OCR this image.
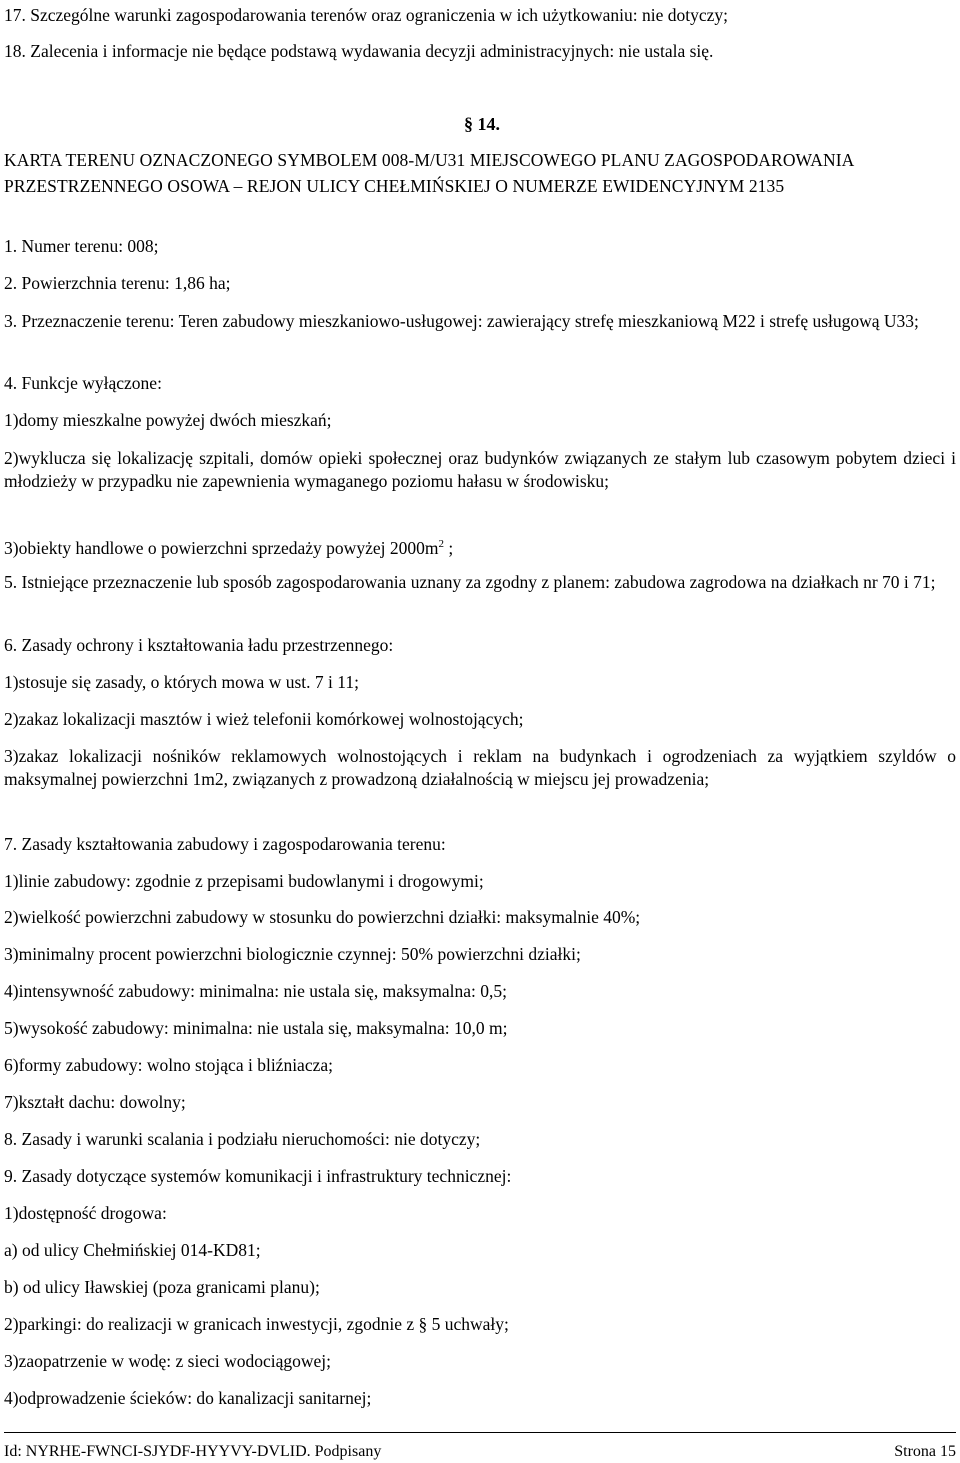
17. Szczególne warunki zagospodarowania terenów oraz ograniczenia w ich użytkowaniu: nie dotyczy;
18. Zalecenia i informacje nie będące podstawą wydawania decyzji administracyjnych: nie ustala się.
§ 14.
KARTA TERENU OZNACZONEGO SYMBOLEM 008-M/U31 MIEJSCOWEGO PLANU ZAGOSPODAROWANIA PRZESTRZENNEGO OSOWA – REJON ULICY CHEŁMIŃSKIEJ O NUMERZE EWIDENCYJNYM 2135
1. Numer terenu: 008;
2. Powierzchnia terenu: 1,86 ha;
3. Przeznaczenie terenu: Teren zabudowy mieszkaniowo-usługowej: zawierający strefę mieszkaniową M22 i strefę usługową U33;
4. Funkcje wyłączone:
1)domy mieszkalne powyżej dwóch mieszkań;
2)wyklucza się lokalizację szpitali, domów opieki społecznej oraz budynków związanych ze stałym lub czasowym pobytem dzieci i młodzieży w przypadku nie zapewnienia wymaganego poziomu hałasu w środowisku;
3)obiekty handlowe o powierzchni sprzedaży powyżej $2000m^2$ ;
5. Istniejące przeznaczenie lub sposób zagospodarowania uznany za zgodny z planem: zabudowa zagrodowa na działkach nr 70 i 71;
6. Zasady ochrony i kształtowania ładu przestrzennego:
1)stosuje się zasady, o których mowa w ust. 7 i 11;
2)zakaz lokalizacji masztów i wież telefonii komórkowej wolnostojących;
3)zakaz lokalizacji nośników reklamowych wolnostojących i reklam na budynkach i ogrodzeniach za wyjątkiem szyldów o maksymalnej powierzchni 1m2, związanych z prowadzoną działalnością w miejscu jej prowadzenia;
7. Zasady kształtowania zabudowy i zagospodarowania terenu:
1)linie zabudowy: zgodnie z przepisami budowlanymi i drogowymi;
2)wielkość powierzchni zabudowy w stosunku do powierzchni działki: maksymalnie 40%;
3)minimalny procent powierzchni biologicznie czynnej: 50% powierzchni działki;
4)intensywność zabudowy: minimalna: nie ustala się, maksymalna: 0,5;
5)wysokość zabudowy: minimalna: nie ustala się, maksymalna: 10,0 m;
6)formy zabudowy: wolno stojąca i bliźniacza;
7)kształt dachu: dowolny;
8. Zasady i warunki scalania i podziału nieruchomości: nie dotyczy;
9. Zasady dotyczące systemów komunikacji i infrastruktury technicznej:
1)dostępność drogowa:
a) od ulicy Chełmińskiej 014-KD81;
b) od ulicy Iławskiej (poza granicami planu);
2)parkingi: do realizacji w granicach inwestycji, zgodnie z § 5 uchwały;
3)zaopatrzenie w wodę: z sieci wodociągowej;
4)odprowadzenie ścieków: do kanalizacji sanitarnej;
Id: NYRHE-FWNCI-SJYDF-HYYVY-DVLID. Podpisany	Strona 15
